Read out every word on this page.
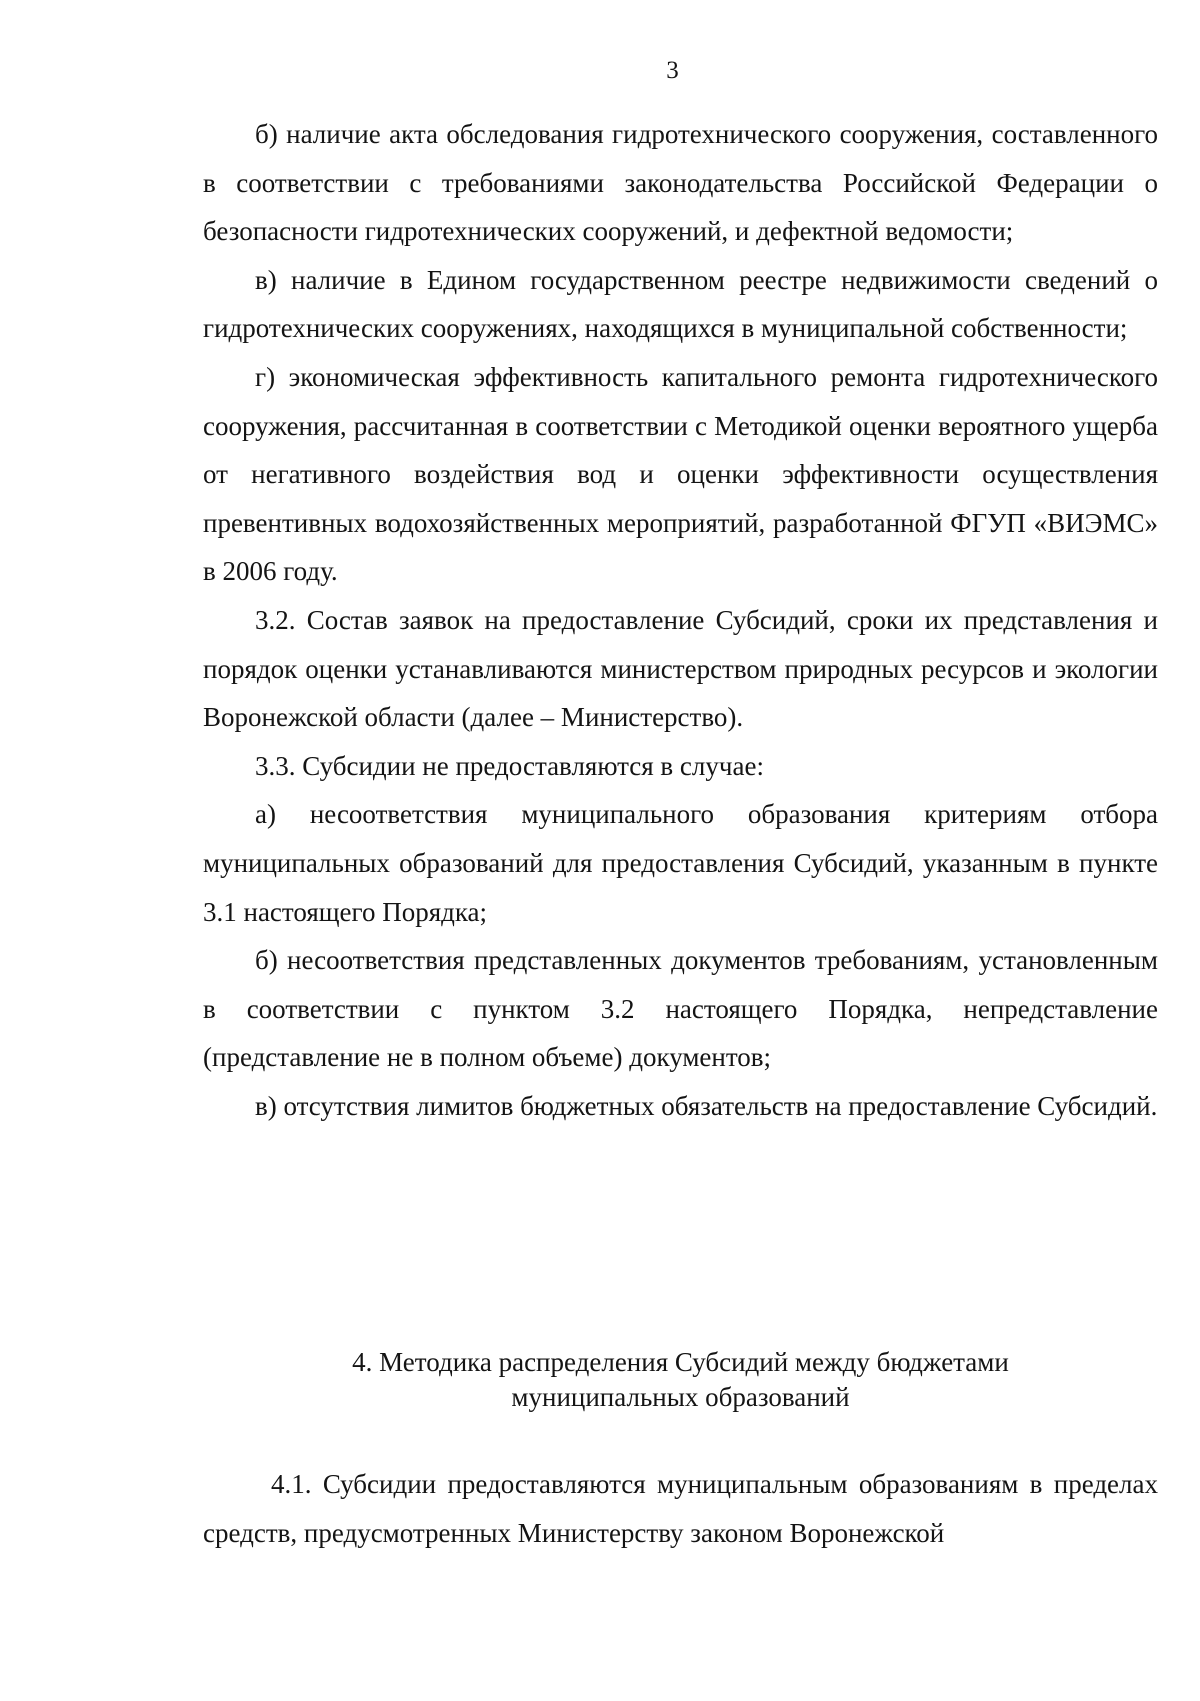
3

б) наличие акта обследования гидротехнического сооружения, составленного в соответствии с требованиями законодательства Российской Федерации о безопасности гидротехнических сооружений, и дефектной ведомости;

в) наличие в Едином государственном реестре недвижимости сведений о гидротехнических сооружениях, находящихся в муниципальной собственности;

г) экономическая эффективность капитального ремонта гидротехнического сооружения, рассчитанная в соответствии с Методикой оценки вероятного ущерба от негативного воздействия вод и оценки эффективности осуществления превентивных водохозяйственных мероприятий, разработанной ФГУП «ВИЭМС» в 2006 году.

3.2. Состав заявок на предоставление Субсидий, сроки их представления и порядок оценки устанавливаются министерством природных ресурсов и экологии Воронежской области (далее – Министерство).

3.3. Субсидии не предоставляются в случае:

а) несоответствия муниципального образования критериям отбора муниципальных образований для предоставления Субсидий, указанным в пункте 3.1 настоящего Порядка;

б) несоответствия представленных документов требованиям, установленным в соответствии с пунктом 3.2 настоящего Порядка, непредставление (представление не в полном объеме) документов;

в) отсутствия лимитов бюджетных обязательств на предоставление Субсидий.

4. Методика распределения Субсидий между бюджетами
муниципальных образований

4.1. Субсидии предоставляются муниципальным образованиям в пределах средств, предусмотренных Министерству законом Воронежской
